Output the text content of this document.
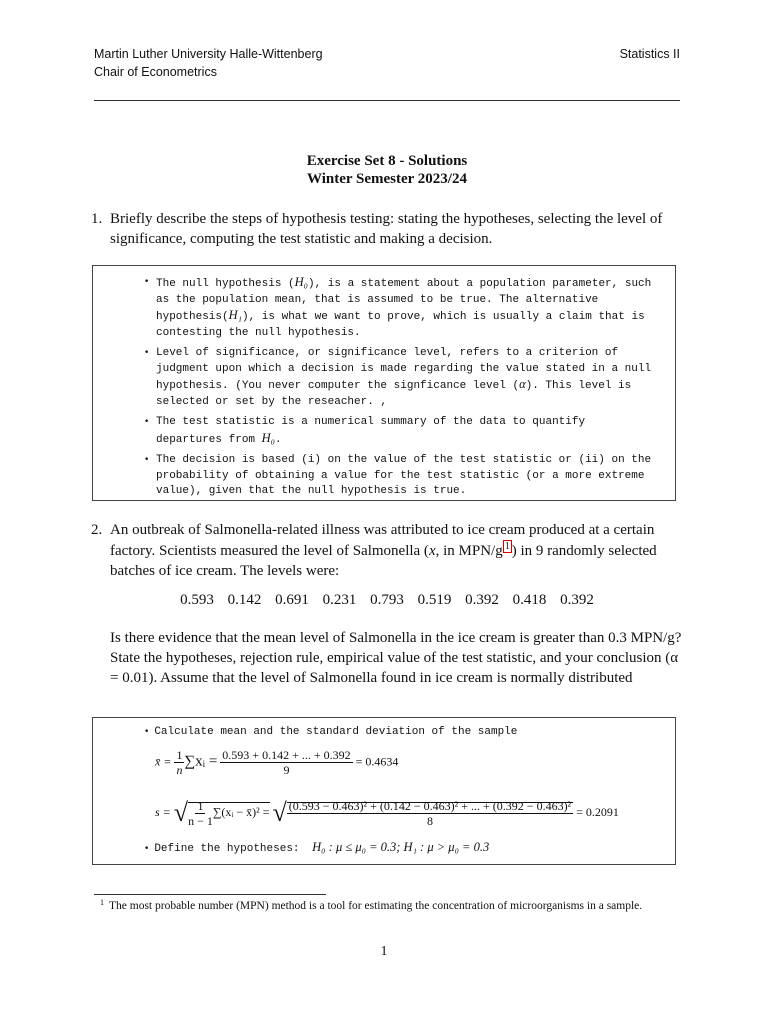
Martin Luther University Halle-Wittenberg
Chair of Econometrics
Statistics II
Exercise Set 8 - Solutions
Winter Semester 2023/24
1. Briefly describe the steps of hypothesis testing: stating the hypotheses, selecting the level of significance, computing the test statistic and making a decision.
• The null hypothesis (H₀), is a statement about a population parameter, such as the population mean, that is assumed to be true. The alternative hypothesis(H₁), is what we want to prove, which is usually a claim that is contesting the null hypothesis.
• Level of significance, or significance level, refers to a criterion of judgment upon which a decision is made regarding the value stated in a null hypothesis. (You never computer the signficance level (α). This level is selected or set by the reseacher. ,
• The test statistic is a numerical summary of the data to quantify departures from H₀.
• The decision is based (i) on the value of the test statistic or (ii) on the probability of obtaining a value for the test statistic (or a more extreme value), given that the null hypothesis is true.
2. An outbreak of Salmonella-related illness was attributed to ice cream produced at a certain factory. Scientists measured the level of Salmonella (x, in MPN/g 1 ) in 9 randomly selected batches of ice cream. The levels were:
0.593 0.142 0.691 0.231 0.793 0.519 0.392 0.418 0.392
Is there evidence that the mean level of Salmonella in the ice cream is greater than 0.3 MPN/g? State the hypotheses, rejection rule, empirical value of the test statistic, and your conclusion (α = 0.01). Assume that the level of Salmonella found in ice cream is normally distributed
• Calculate mean and the standard deviation of the sample
x̄ = $\frac{1}{n}$ ∑xᵢ = $\frac{0.593 + 0.142 + ... + 0.392}{9} = 0.4634$
s = √ $\frac{1}{n - 1}$ ∑(xᵢ − x̄)² = √ $\frac{\text{(0.593 − 0.463)² + (0.142 − 0.463)² + ... + (0.392 − 0.463)²}}{8} = 0.2091$
• Define the hypotheses: H₀ : μ ≤ μ₀ = 0.3; H₁ : μ > μ₀ = 0.3
1 The most probable number (MPN) method is a tool for estimating the concentration of microorganisms in a sample.
1
